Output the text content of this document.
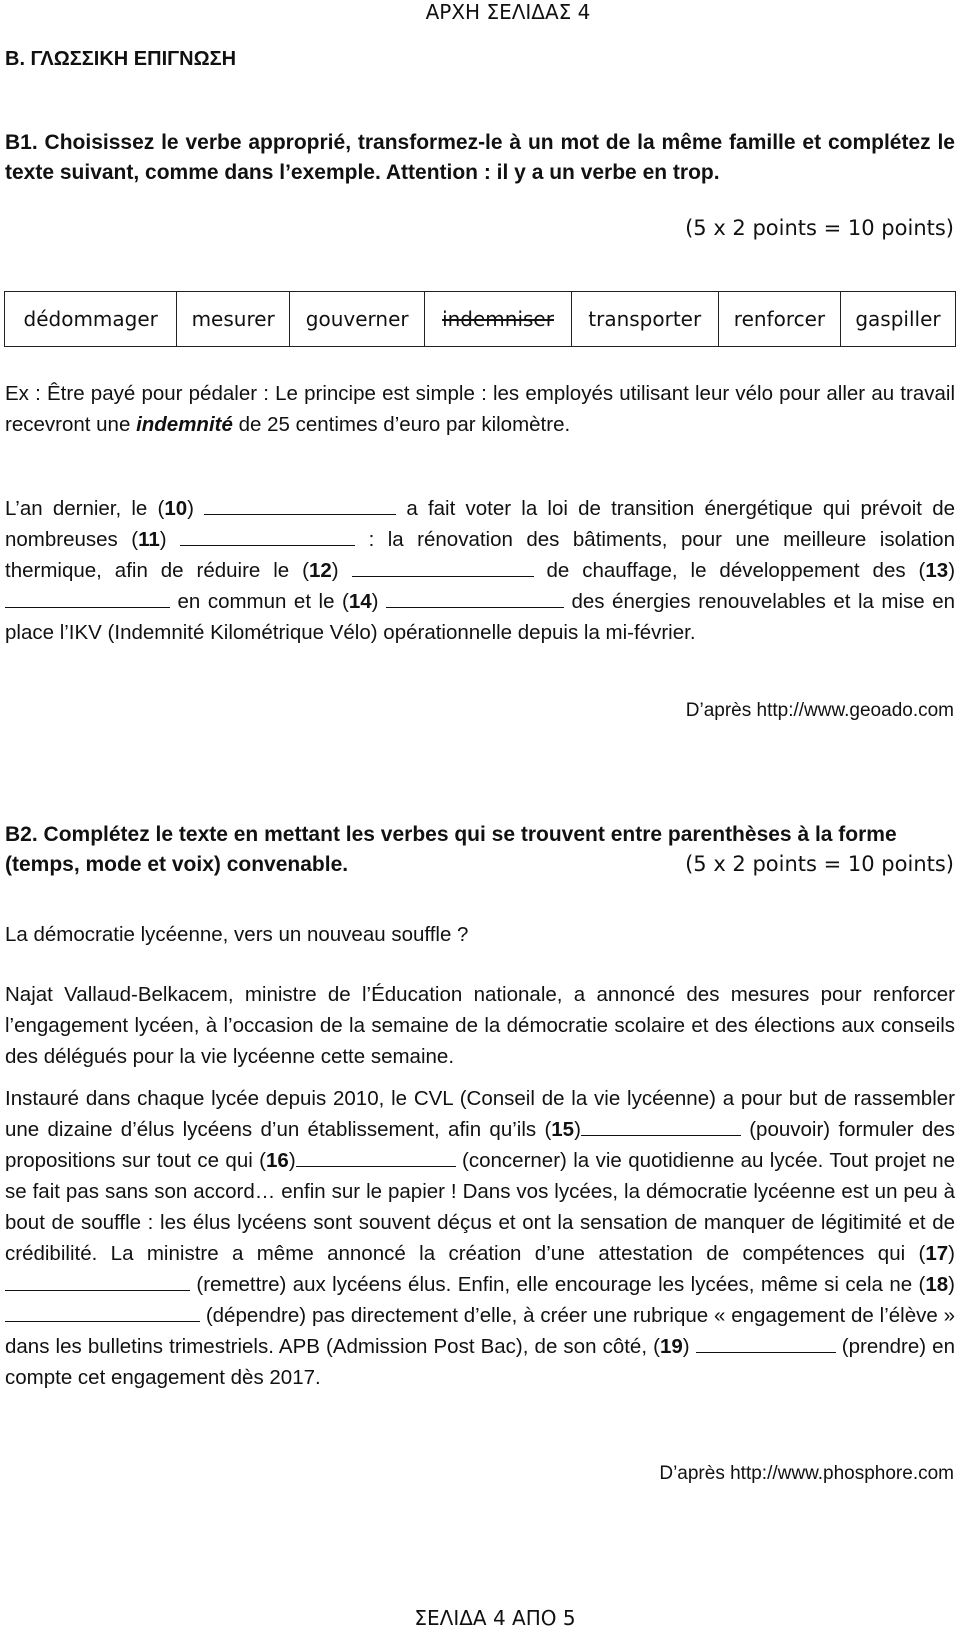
ΑΡΧΗ ΣΕΛΙΔΑΣ 4
Β. ΓΛΩΣΣΙΚΗ ΕΠΙΓΝΩΣΗ
B1. Choisissez le verbe approprié, transformez-le à un mot de la même famille et complétez le texte suivant, comme dans l’exemple. Attention : il y a un verbe en trop.
(5 x 2 points = 10 points)
dédommager	mesurer	gouverner	indemniser	transporter	renforcer	gaspiller
Ex : Être payé pour pédaler : Le principe est simple : les employés utilisant leur vélo pour aller au travail recevront une indemnité de 25 centimes d’euro par kilomètre.
L’an dernier, le (10)	a fait voter la loi de transition énergétique qui prévoit de nombreuses (11)	: la rénovation des bâtiments, pour une meilleure isolation thermique, afin de réduire le (12)	de chauffage, le développement des (13)  en commun et le (14)	des énergies renouvelables et la mise en place l’IKV (Indemnité Kilométrique Vélo) opérationnelle depuis la mi-février.
D’après http://www.geoado.com
B2. Complétez le texte en mettant les verbes qui se trouvent entre parenthèses à la forme (temps, mode et voix) convenable.	(5 x 2 points = 10 points)
La démocratie lycéenne, vers un nouveau souffle ?
Najat Vallaud-Belkacem, ministre de l’Éducation nationale, a annoncé des mesures pour renforcer l’engagement lycéen, à l’occasion de la semaine de la démocratie scolaire et des élections aux conseils des délégués pour la vie lycéenne cette semaine.
Instauré dans chaque lycée depuis 2010, le CVL (Conseil de la vie lycéenne) a pour but de rassembler une dizaine d’élus lycéens d’un établissement, afin qu’ils (15)	(pouvoir) formuler des propositions sur tout ce qui (16)	(concerner) la vie quotidienne au lycée. Tout projet ne se fait pas sans son accord… enfin sur le papier ! Dans vos lycées, la démocratie lycéenne est un peu à bout de souffle : les élus lycéens sont souvent déçus et ont la sensation de manquer de légitimité et de crédibilité. La ministre a même annoncé la création d’une attestation de compétences qui (17)  (remettre) aux lycéens élus. Enfin, elle encourage les lycées, même si cela ne (18)  (dépendre) pas directement d’elle, à créer une rubrique « engagement de l’élève » dans les bulletins trimestriels. APB (Admission Post Bac), de son côté, (19)	(prendre) en compte cet engagement dès 2017.
D’après http://www.phosphore.com
ΣΕΛΙΔΑ 4 ΑΠΟ 5
